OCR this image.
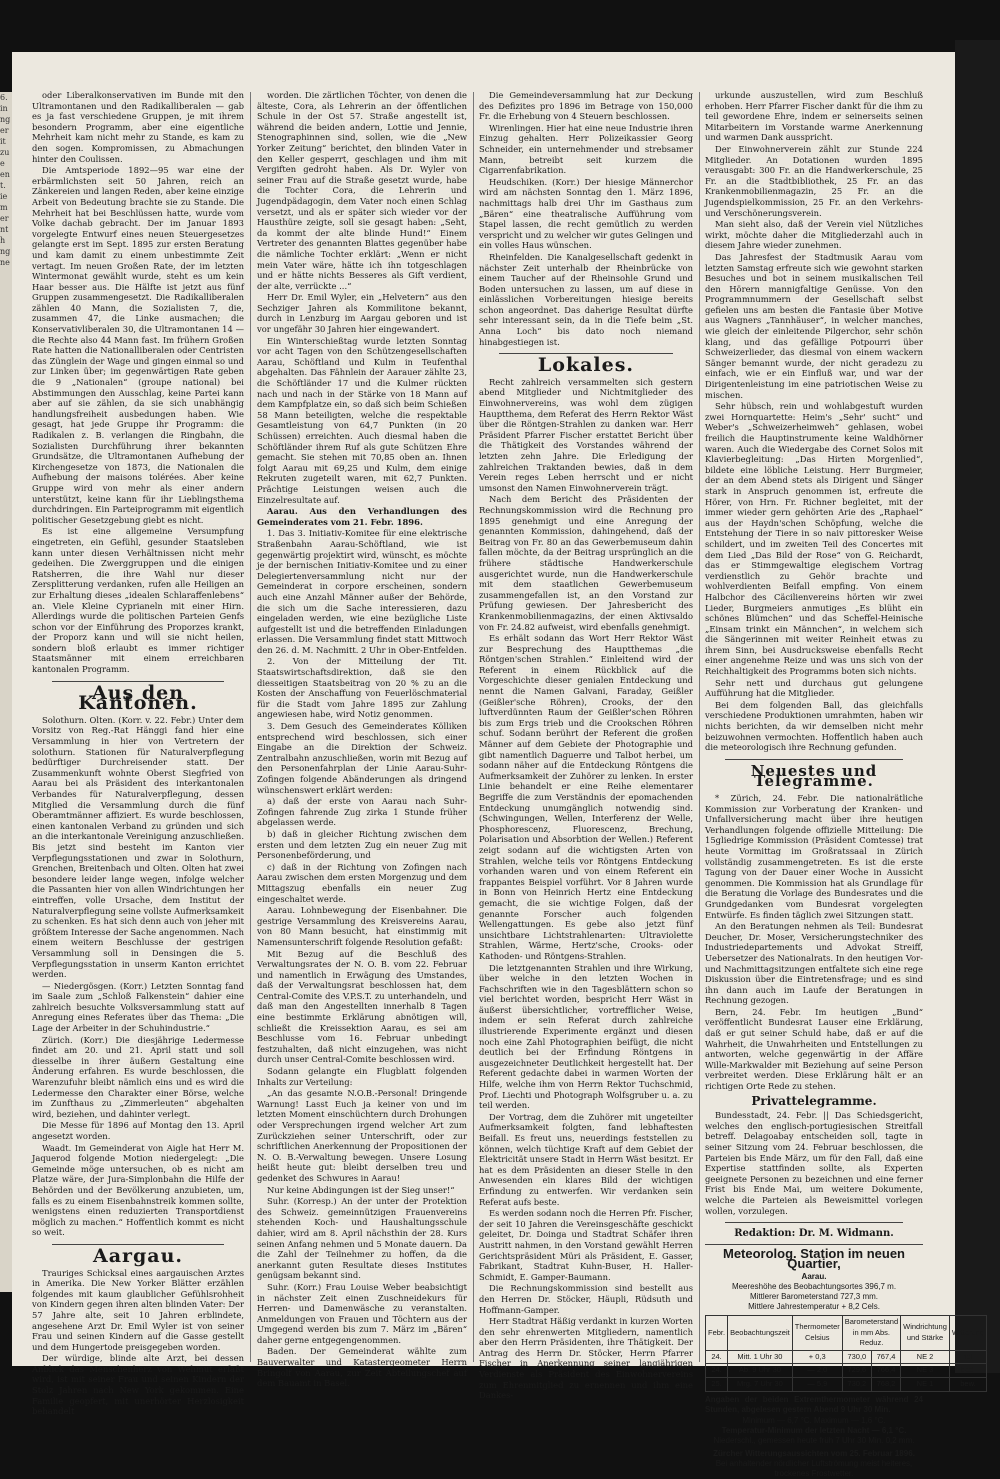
6.
in
ng
er
it
zu
e
en
t.
ie
m
er
nt
h
ng
ne

oder Liberalkonservativen im Bunde mit den Ultramontanen und den Radikalliberalen — gab es ja fast verschiedene Gruppen, je mit ihrem besondern Programm, aber eine eigentliche Mehrheit kam nicht mehr zu Stande, es kam zu den sogen. Kompromissen, zu Abmachungen hinter den Coulissen.

Die Amtsperiode 1892—95 war eine der erbärmlichsten seit 50 Jahren, reich an Zänkereien und langen Reden, aber keine einzige Arbeit von Bedeutung brachte sie zu Stande. Die Mehrheit hat bei Beschlüssen hatte, wurde vom Volke dachab gebracht. Der im Januar 1893 vorgelegte Entwurf eines neuen Steuergesetzes gelangte erst im Sept. 1895 zur ersten Beratung und kam damit zu einem unbestimmte Zeit vertagt. Im neuen Großen Rate, der im letzten Wintermonat gewählt wurde, steht es um kein Haar besser aus. Die Hälfte ist jetzt aus fünf Gruppen zusammengesetzt. Die Radikalliberalen zählen 40 Mann, die Sozialisten 7, die, zusammen 47, die Linke ausmachen; die Konservativliberalen 30, die Ultramontanen 14 — die Rechte also 44 Mann fast. Im frühern Großen Rate hatten die Nationalliberalen oder Centristen das Zünglein der Wage und gingen einmal so und zur Linken über; im gegenwärtigen Rate geben die 9 „Nationalen“ (groupe national) bei Abstimmungen den Ausschlag, keine Partei kann aber auf sie zählen, da sie sich unabhängig handlungsfreiheit ausbedungen haben. Wie gesagt, hat jede Gruppe ihr Programm: die Radikalen z. B. verlangen die Ringbahn, die Sozialisten Durchführung ihrer bekannten Grundsätze, die Ultramontanen Aufhebung der Kirchengesetze von 1873, die Nationalen die Aufhebung der maisons tolérées. Aber keine Gruppe wird von mehr als einer andern unterstützt, keine kann für ihr Lieblingsthema durchdringen. Ein Parteiprogramm mit eigentlich politischer Gesetzgebung giebt es nicht.

Es ist eine allgemeine Versumpfung eingetreten, ein Gefühl, gesunder Staatsleben kann unter diesen Verhältnissen nicht mehr gedeihen. Die Zwerggruppen und die einigen Ratsherren, die ihre Wahl nur dieser Zersplitterung verdanken, rufen alle Heiligen an zur Erhaltung dieses „idealen Schlaraffenlebens“ an. Viele Kleine Cyprianeln mit einer Hirn. Allerdings wurde die politischen Parteien Genfs schon vor der Einführung des Proporzes krankt, der Proporz kann und will sie nicht heilen, sondern bloß erlaubt es immer richtiger Staatsmänner mit einem erreichbaren kantonalen Programm.

Aus den Kantonen.

Solothurn. Olten. (Korr. v. 22. Febr.) Unter dem Vorsitz von Reg.-Rat Hänggi fand hier eine Versammlung in hier von Vertretern der solothurn. Stationen für Naturalverpflegung bedürftiger Durchreisender statt. Der Zusammenkunft wohnte Oberst Siegfried von Aarau bei als Präsident des interkantonalen Verbandes für Naturalverpflegung, dessen Mitglied die Versammlung durch die fünf Oberamtmänner affiziert. Es wurde beschlossen, einen kantonalen Verband zu gründen und sich an die interkantonale Vereinigung anzuschließen. Bis jetzt sind besteht im Kanton vier Verpflegungsstationen und zwar in Solothurn, Grenchen, Breitenbach und Olten. Olten hat zwei besondere leider lange wegen, infolge welcher die Passanten hier von allen Windrichtungen her eintreffen, volle Ursache, dem Institut der Naturalverpflegung seine vollste Aufmerksamkeit zu schenken. Es hat sich denn auch von jeher mit größtem Interesse der Sache angenommen. Nach einem weitern Beschlusse der gestrigen Versammlung soll in Densingen die 5. Verpflegungsstation in unserm Kanton errichtet werden.

— Niedergösgen. (Korr.) Letzten Sonntag fand im Saale zum „Schloß Falkenstein“ dahier eine zahlreich besuchte Volksversammlung statt auf Anregung eines Referates über das Thema: „Die Lage der Arbeiter in der Schuhindustrie.“

Zürich. (Korr.) Die diesjährige Ledermesse findet am 20. und 21. April statt und soll diesselbe in ihrer äußern Gestaltung eine Änderung erfahren. Es wurde beschlossen, die Warenzufuhr bleibt nämlich eins und es wird die Ledermesse den Charakter einer Börse, welche im Zunfthaus zu „Zimmerleuten“ abgehalten wird, beziehen, und dahinter verlegt.

Die Messe für 1896 auf Montag den 13. April angesetzt worden.

Waadt. Im Gemeinderat von Aigle hat Herr M. Jaquerod folgende Motion niedergelegt: „Die Gemeinde möge untersuchen, ob es nicht am Platze wäre, der Jura-Simplonbahn die Hilfe der Behörden und der Bevölkerung anzubieten, um, falls es zu einem Eisenbahnstreik kommen sollte, wenigstens einen reduzierten Transportdienst möglich zu machen.“ Hoffentlich kommt es nicht so weit.

Aargau.

Trauriges Schicksal eines aargauischen Arztes in Amerika. Die New Yorker Blätter erzählen folgendes mit kaum glaublicher Gefühlsrohheit von Kindern gegen ihren alten blinden Vater: Der 57 Jahre alte, seit 10 Jahren erblindete, angesehene Arzt Dr. Emil Wyler ist von seiner Frau und seinen Kindern auf die Gasse gestellt und dem Hungertode preisgegeben worden.

Der würdige, blinde alte Arzt, bei dessen Anblick das Menschenherz von Wehmut erfaßt wird, ist mit seiner Frau und seinen Kindern der Stolz Jahren nach New York gekommen. Eine Familie geopfert, mit unerhörter Herzlosigkeit behandelt

worden. Die zärtlichen Töchter, von denen die älteste, Cora, als Lehrerin an der öffentlichen Schule in der Ost 57. Straße angestellt ist, während die beiden andern, Lottie und Jennie, Stenographinnen sind, sollen, wie die „New Yorker Zeitung“ berichtet, den blinden Vater in den Keller gesperrt, geschlagen und ihm mit Vergiften gedroht haben. Als Dr. Wyler von seiner Frau auf die Straße gesetzt wurde, habe die Tochter Cora, die Lehrerin und Jugendpädagogin, dem Vater noch einen Schlag versetzt, und als er später sich wieder vor der Hausthüre zeigte, soll sie gesagt haben: „Seht, da kommt der alte blinde Hund!“ Einem Vertreter des genannten Blattes gegenüber habe die nämliche Tochter erklärt: „Wenn er nicht mein Vater wäre, hätte ich ihn totgeschlagen und er hätte nichts Besseres als Gift verdient, der alte, verrückte ...“

Herr Dr. Emil Wyler, ein „Helvetern“ aus den Sechziger Jahren als Kommilitone bekannt, durch in Lenzburg im Aargau geboren und ist vor ungefähr 30 Jahren hier eingewandert.

Ein Winterschießtag wurde letzten Sonntag vor acht Tagen von den Schützengesellschaften Aarau, Schöftland und Kulm in Teufenthal abgehalten. Das Fähnlein der Aarauer zählte 23, die Schöftländer 17 und die Kulmer rückten nach und nach in der Stärke von 18 Mann auf dem Kampfplatze ein, so daß sich beim Schießen 58 Mann beteiligten, welche die respektable Gesamtleistung von 64,7 Punkten (in 20 Schüssen) erreichten. Auch diesmal haben die Schöftländer ihrem Ruf als gute Schützen Ehre gemacht. Sie stehen mit 70,85 oben an. Ihnen folgt Aarau mit 69,25 und Kulm, dem einige Rekruten zugeteilt waren, mit 62,7 Punkten. Prächtige Leistungen weisen auch die Einzelresultate auf.

Aarau. Aus den Verhandlungen des Gemeinderates vom 21. Febr. 1896.

1. Das 3. Initiativ-Komitee für eine elektrische Straßenbahn Aarau-Schöftland, wie ist gegenwärtig projektirt wird, wünscht, es möchte je der bernischen Initiativ-Komitee und zu einer Delegiertenversammlung nicht nur der Gemeinderat in corpore erscheinen, sondern auch eine Anzahl Männer außer der Behörde, die sich um die Sache interessieren, dazu eingeladen werden, wie eine bezügliche Liste aufgestellt ist und die betreffenden Einladungen erlassen. Die Versammlung findet statt Mittwoch den 26. d. M. Nachmitt. 2 Uhr in Ober-Entfelden.

2. Von der Mitteilung der Tit. Staatswirtschaftsdirektion, daß sie den diesseitigen Staatsbeitrag von 20 % zu an die Kosten der Anschaffung von Feuerlöschmaterial für die Stadt vom Jahre 1895 zur Zahlung angewiesen habe, wird Notiz genommen.

3. Dem Gesuch des Gemeinderates Kölliken entsprechend wird beschlossen, sich einer Eingabe an die Direktion der Schweiz. Zentralbahn anzuschließen, worin mit Bezug auf den Personenfahrplan der Linie Aarau-Suhr-Zofingen folgende Abänderungen als dringend wünschenswert erklärt werden:

a) daß der erste von Aarau nach Suhr-Zofingen fahrende Zug zirka 1 Stunde früher abgelassen werde.

b) daß in gleicher Richtung zwischen dem ersten und dem letzten Zug ein neuer Zug mit Personenbeförderung, und

c) daß in der Richtung von Zofingen nach Aarau zwischen dem ersten Morgenzug und dem Mittagszug ebenfalls ein neuer Zug eingeschaltet werde.

Aarau. Lohnbewegung der Eisenbahner. Die gestrige Versammlung des Kreisvereins Aarau, von 80 Mann besucht, hat einstimmig mit Namensunterschrift folgende Resolution gefaßt:

Mit Bezug auf die Beschluß des Verwaltungsrates der N. O. B. vom 22. Februar und namentlich in Erwägung des Umstandes, daß der Verwaltungsrat beschlossen hat, dem Central-Comite des V.P.S.T. zu unterhandeln, und daß man den Angestellten innerhalb 8 Tagen eine bestimmte Erklärung abnötigen will, schließt die Kreissektion Aarau, es sei am Beschlusse vom 16. Februar unbedingt festzuhalten, daß nicht einzugehen, was nicht durch unser Central-Comite beschlossen wird.

Sodann gelangte ein Flugblatt folgenden Inhalts zur Verteilung:

„An das gesamte N.O.B.-Personal! Dringende Warnung! Lasst Euch ja keiner von und im letzten Moment einschüchtern durch Drohungen oder Versprechungen irgend welcher Art zum Zurückziehen seiner Unterschrift, oder zur schriftlichen Anerkennung der Propositionen der N. O. B.-Verwaltung bewegen. Unsere Losung heißt heute gut: bleibt derselben treu und gedenket des Schwures in Aarau!

Nur keine Abdingungen ist der Sieg unser!“

Suhr. (Korresp.) An der unter der Protektion des Schweiz. gemeinnützigen Frauenvereins stehenden Koch- und Haushaltungsschule dahier, wird am 8. April nächsthin der 28. Kurs seinen Anfang nehmen und 5 Monate dauern. Da die Zahl der Teilnehmer zu hoffen, da die anerkannt guten Resultate dieses Institutes genügsam bekannt sind.

Suhr. (Korr.) Frau Louise Weber beabsichtigt in nächster Zeit einen Zuschneidekurs für Herren- und Damenwäsche zu veranstalten. Anmeldungen von Frauen und Töchtern aus der Umgegend werden bis zum 7. März im „Bären“ daher gerne entgegengenommen.

Baden. Der Gemeinderat wählte zum Bauverwalter und Katastergeometer Herrn Bringolf von Aarau, zur Zeit Abteilungschef auf dem Bauamt in Basel.

Die Gemeindeversammlung hat zur Deckung des Defizites pro 1896 im Betrage von 150,000 Fr. die Erhebung von 4 Steuern beschlossen.

Wirenlingen. Hier hat eine neue Industrie ihren Einzug gehalten. Herr Polizeikassier Georg Schneider, ein unternehmender und strebsamer Mann, betreibt seit kurzem die Cigarrenfabrikation.

Heudschiken. (Korr.) Der hiesige Männerchor wird am nächsten Sonntag den 1. März 1896, nachmittags halb drei Uhr im Gasthaus zum „Bären“ eine theatralische Aufführung vom Stapel lassen, die recht gemütlich zu werden verspricht und zu welcher wir gutes Gelingen und ein volles Haus wünschen.

Rheinfelden. Die Kanalgesellschaft gedenkt in nächster Zeit unterhalb der Rheinbrücke von einem Taucher auf der Rheinsohle Grund und Boden untersuchen zu lassen, um auf diese in einlässlichen Vorbereitungen hiesige bereits schon angeordnet. Das daherige Resultat dürfte sehr interessant sein, da in die Tiefe beim „St. Anna Loch“ bis dato noch niemand hinabgestiegen ist.

Lokales.

Recht zahlreich versammelten sich gestern abend Mitglieder und Nichtmitglieder des Einwohnervereins, was wohl dem zügigen Hauptthema, dem Referat des Herrn Rektor Wäst über die Röntgen-Strahlen zu danken war. Herr Präsident Pfarrer Fischer erstattet Bericht über die Thätigkeit des Vorstandes während der letzten zehn Jahre. Die Erledigung der zahlreichen Traktanden bewies, daß in dem Verein reges Leben herrscht und er nicht umsonst den Namen Einwohnerverein trägt.

Nach dem Bericht des Präsidenten der Rechnungskommission wird die Rechnung pro 1895 genehmigt und eine Anregung der genannten Kommission, dahingehend, daß der Beitrag von Fr. 80 an das Gewerbemuseum dahin fallen möchte, da der Beitrag ursprünglich an die frühere städtische Handwerkerschule ausgerichtet wurde, nun die Handwerkerschule mit dem staatlichen Gewerbemuseum zusammengefallen ist, an den Vorstand zur Prüfung gewiesen. Der Jahresbericht des Krankenmobilienmagazins, der einen Aktivsaldo von Fr. 24.82 aufweist, wird ebenfalls genehmigt.

Es erhält sodann das Wort Herr Rektor Wäst zur Besprechung des Hauptthemas „die Röntgen'schen Strahlen.“ Einleitend wird der Referent in einem Rückblick auf die Vorgeschichte dieser genialen Entdeckung und nennt die Namen Galvani, Faraday, Geißler (Geißler'sche Röhren), Crooks, der den luftverdünnten Raum der Geißler'schen Röhren bis zum Ergs trieb und die Crookschen Röhren schuf. Sodann berührt der Referent die großen Männer auf dem Gebiete der Photographie und gibt namentlich Daguerre und Talbot herbei, um sodann näher auf die Entdeckung Röntgens die Aufmerksamkeit der Zuhörer zu lenken. In erster Linie behandelt er eine Reihe elementarer Begriffe die zum Verständnis der epomachenden Entdeckung unumgänglich notwendig sind. (Schwingungen, Wellen, Interferenz der Welle, Phosphorescenz, Fluorescenz, Brechung, Polarisation und Absorbtion der Wellen.) Referent zeigt sodann auf die wichtigsten Arten von Strahlen, welche teils vor Röntgens Entdeckung vorhanden waren und von einem Referent ein frappantes Beispiel vorführt. Vor 8 Jahren wurde in Bonn von Heinrich Hertz eine Entdeckung gemacht, die sie wichtige Folgen, daß der genannte Forscher auch folgenden Wellengattungen. Es gebe also jetzt fünf unsichtbare Lichtstrahlenarten: Ultraviolette Strahlen, Wärme, Hertz'sche, Crooks- oder Kathoden- und Röntgens-Strahlen.

Die letztgenannten Strahlen und ihre Wirkung, über welche in den letzten Wochen in Fachschriften wie in den Tagesblättern schon so viel berichtet worden, bespricht Herr Wäst in äußerst übersichtlicher, vortrefflicher Weise, indem er sein Referat durch zahlreiche illustrierende Experimente ergänzt und diesen noch eine Zahl Photographien beifügt, die nicht deutlich bei der Erfindung Röntgens in ausgezeichneter Deutlichkeit hergestellt hat. Der Referent gedachte dabei in warmen Worten der Hilfe, welche ihm von Herrn Rektor Tuchschmid, Prof. Liechti und Photograph Wolfsgruber u. a. zu teil werden.

Der Vortrag, dem die Zuhörer mit ungeteilter Aufmerksamkeit folgten, fand lebhaftesten Beifall. Es freut uns, neuerdings feststellen zu können, welch tüchtige Kraft auf dem Gebiet der Elektricität unsere Stadt in Herrn Wäst besitzt. Er hat es dem Präsidenten an dieser Stelle in den Anwesenden ein klares Bild der wichtigen Erfindung zu entwerfen. Wir verdanken sein Referat aufs beste.

Es werden sodann noch die Herren Pfr. Fischer, der seit 10 Jahren die Vereinsgeschäfte geschickt geleitet, Dr. Doinga und Stadtrat Schäfer ihren Austritt nahmen, in den Vorstand gewählt Herren Gerichtspräsident Müri als Präsident, E. Gasser, Fabrikant, Stadtrat Kuhn-Buser, H. Haller-Schmidt, E. Gamper-Baumann.

Die Rechnungskommission sind bestellt aus den Herren Dr. Stöcker, Häupli, Rüdsuth und Hoffmann-Gamper.

Herr Stadtrat Häßig verdankt in kurzen Worten den sehr ehrenwerten Mitgliedern, namentlich aber den Herrn Präsidenten, ihre Thätigkeit. Der Antrag des Herrn Dr. Stöcker, Herrn Pfarrer Fischer in Anerkennung seiner langjährigen Verdienste als Präsident des Einwohnervereins zum Ehrenmitglied zu ernennen und ihm eine Dankes-

urkunde auszustellen, wird zum Beschluß erhoben. Herr Pfarrer Fischer dankt für die ihm zu teil gewordene Ehre, indem er seinerseits seinen Mitarbeitern im Vorstande warme Anerkennung und warmen Dank ausspricht.

Der Einwohnerverein zählt zur Stunde 224 Mitglieder. An Dotationen wurden 1895 verausgabt: 300 Fr. an die Handwerkerschule, 25 Fr. an die Stadtbibliothek, 25 Fr. an das Krankenmobilienmagazin, 25 Fr. an die Jugendspielkommission, 25 Fr. an den Verkehrs- und Verschönerungsverein.

Man sieht also, daß der Verein viel Nützliches wirkt, möchte daher die Mitgliederzahl auch in diesem Jahre wieder zunehmen.

Das Jahresfest der Stadtmusik Aarau vom letzten Samstag erfreute sich wie gewohnt starken Besuches und bot in seinem musikalischen Teil den Hörern mannigfaltige Genüsse. Von den Programmnummern der Gesellschaft selbst gefielen uns am besten die Fantasie über Motive aus Wagners „Tannhäuser“, in welcher manches, wie gleich der einleitende Pilgerchor, sehr schön klang, und das gefällige Potpourri über Schweizerlieder, das diesmal von einem wackern Sänger bemannt wurde, der nicht geradezu zu einfach, wie er ein Einfluß war, und war der Dirigentenleistung im eine patriotischen Weise zu mischen.

Sehr hübsch, rein und wohlabgestuft wurden zwei Hornquartette: Heim's „Sehr' sucht“ und Weber's „Schweizerheimweh“ gehlasen, wobei freilich die Hauptinstrumente keine Waldhörner waren. Auch die Wiedergabe des Cornet Solos mit Klavierbegleitung: „Das Hirten Morgenlied“, bildete eine löbliche Leistung. Herr Burgmeier, der an dem Abend stets als Dirigent und Sänger stark in Anspruch genommen ist, erfreute die Hörer, von Hrn. Fr. Richner begleitet, mit der immer wieder gern gehörten Arie des „Raphael“ aus der Haydn'schen Schöpfung, welche die Entstehung der Tiere in so naiv pittoresker Weise schildert, und im zweiten Teil des Concertes mit dem Lied „Das Bild der Rose“ von G. Reichardt, das er Stimmgewaltige elegischem Vortrag verdienstlich zu Gehör brachte und wohlverdienten Beifall empfing. Von einem Halbchor des Cäcilienvereins hörten wir zwei Lieder, Burgmeiers anmutiges „Es blüht ein schönes Blümchen“ und das Scheffel-Heinische „Einsam trinkt ein Männchen“, in welchem sich die Sängerinnen mit weiter Reinheit etwas zu ihrem Sinn, bei Ausdrucksweise ebenfalls Recht einer angenehme Reize und was uns sich von der Reichhaltigkeit des Programms boten sich nichts.

Sehr nett und durchaus gut gelungene Aufführung hat die Mitglieder.

Bei dem folgenden Ball, das gleichfalls verschiedene Produktionen umrahmten, haben wir nichts berichten, da wir demselben nicht mehr beizuwohnen vermochten. Hoffentlich haben auch die meteorologisch ihre Rechnung gefunden.

Neuestes und Telegramme.

* Zürich, 24. Febr. Die nationalrätliche Kommission zur Vorberatung der Kranken- und Unfallversicherung macht über ihre heutigen Verhandlungen folgende offizielle Mitteilung: Die 15gliedrige Kommission (Präsident Comtesse) trat heute Vormittag im Großratssaal in Zürich vollständig zusammengetreten. Es ist die erste Tagung von der Dauer einer Woche in Aussicht genommen. Die Kommission hat als Grundlage für die Beratung die Vorlage des Bundesrates und die Grundgedanken vom Bundesrat vorgelegten Entwürfe. Es finden täglich zwei Sitzungen statt.

An den Beratungen nehmen als Teil: Bundesrat Deucher, Dr. Moser, Versicherungstechniker des Industriedepartements und Advokat Streiff, Uebersetzer des Nationalrats. In den heutigen Vor- und Nachmittagsitzungen entfaltete sich eine rege Diskussion über die Eintretensfrage; und es sind ihn dann auch im Laufe der Beratungen in Rechnung gezogen.

Bern, 24. Febr. Im heutigen „Bund“ veröffentlicht Bundesrat Lauser eine Erklärung, daß er gut seiner Schuld habe, daß er auf die Wahrheit, die Unwahrheiten und Entstellungen zu antworten, welche gegenwärtig in der Affäre Wille-Markwalder mit Beziehung auf seine Person verbreitet werden. Diese Erklärung hält er an richtigen Orte Rede zu stehen.

Privattelegramme.

Bundesstadt, 24. Febr. || Das Schiedsgericht, welches den englisch-portugiesischen Streitfall betreff. Delagoabay entscheiden soll, tagte in seiner Sitzung vom 24. Februar beschlossen, die Parteien bis Ende März, um für den Fall, daß eine Expertise stattfinden sollte, als Experten geeignete Personen zu bezeichnen und eine ferner Frist bis Ende Mai, um weitere Dokumente, welche die Parteien als Beweismittel vorlegen wollen, vorzulegen.

Redaktion: Dr. M. Widmann.
Meteorolog. Station im neuen Quartier,
Aarau.
Meereshöhe des Beobachtungsortes 396,7 m.
Mittlerer Barometerstand 727,3 mm.
Mittlere Jahrestemperatur + 8,2 Cels.
Febr.	Beobachtungszeit	Thermometer Celsius	Barometerstand in mm Abs. Reduz.		Windrichtung und Stärke	Witterung
24.	Mitt. 1 Uhr 30	+ 0,3	730,0	767,4	NE 2	hell
24.	Ab. 9 Uhr 30	— 2,0	729,6	766,4	NE 3	bed.
25.	Mrg. 7 Uhr 30	— 5,9	730,2	768,2	NE 1	bew.
Angaben der beiden Extremthermometer während 24 Stunden, abgelesen gestern Abend 9 Uhr 30 Min.
Minimum — 6,7 °C. Maximum — 1,6 °C.
Temperatur-Minimum der letzten Nacht — 6,1 °C.
Niederschl., gemessen heute früh 7 Uhr 30 Min. 0,2 mm.
Zürcher Witterungsaussichten vom 25. Februar 1896.
Bei anhaltender nördlicher Luftströmung meist heiteres, trockenes Frostwetter.
